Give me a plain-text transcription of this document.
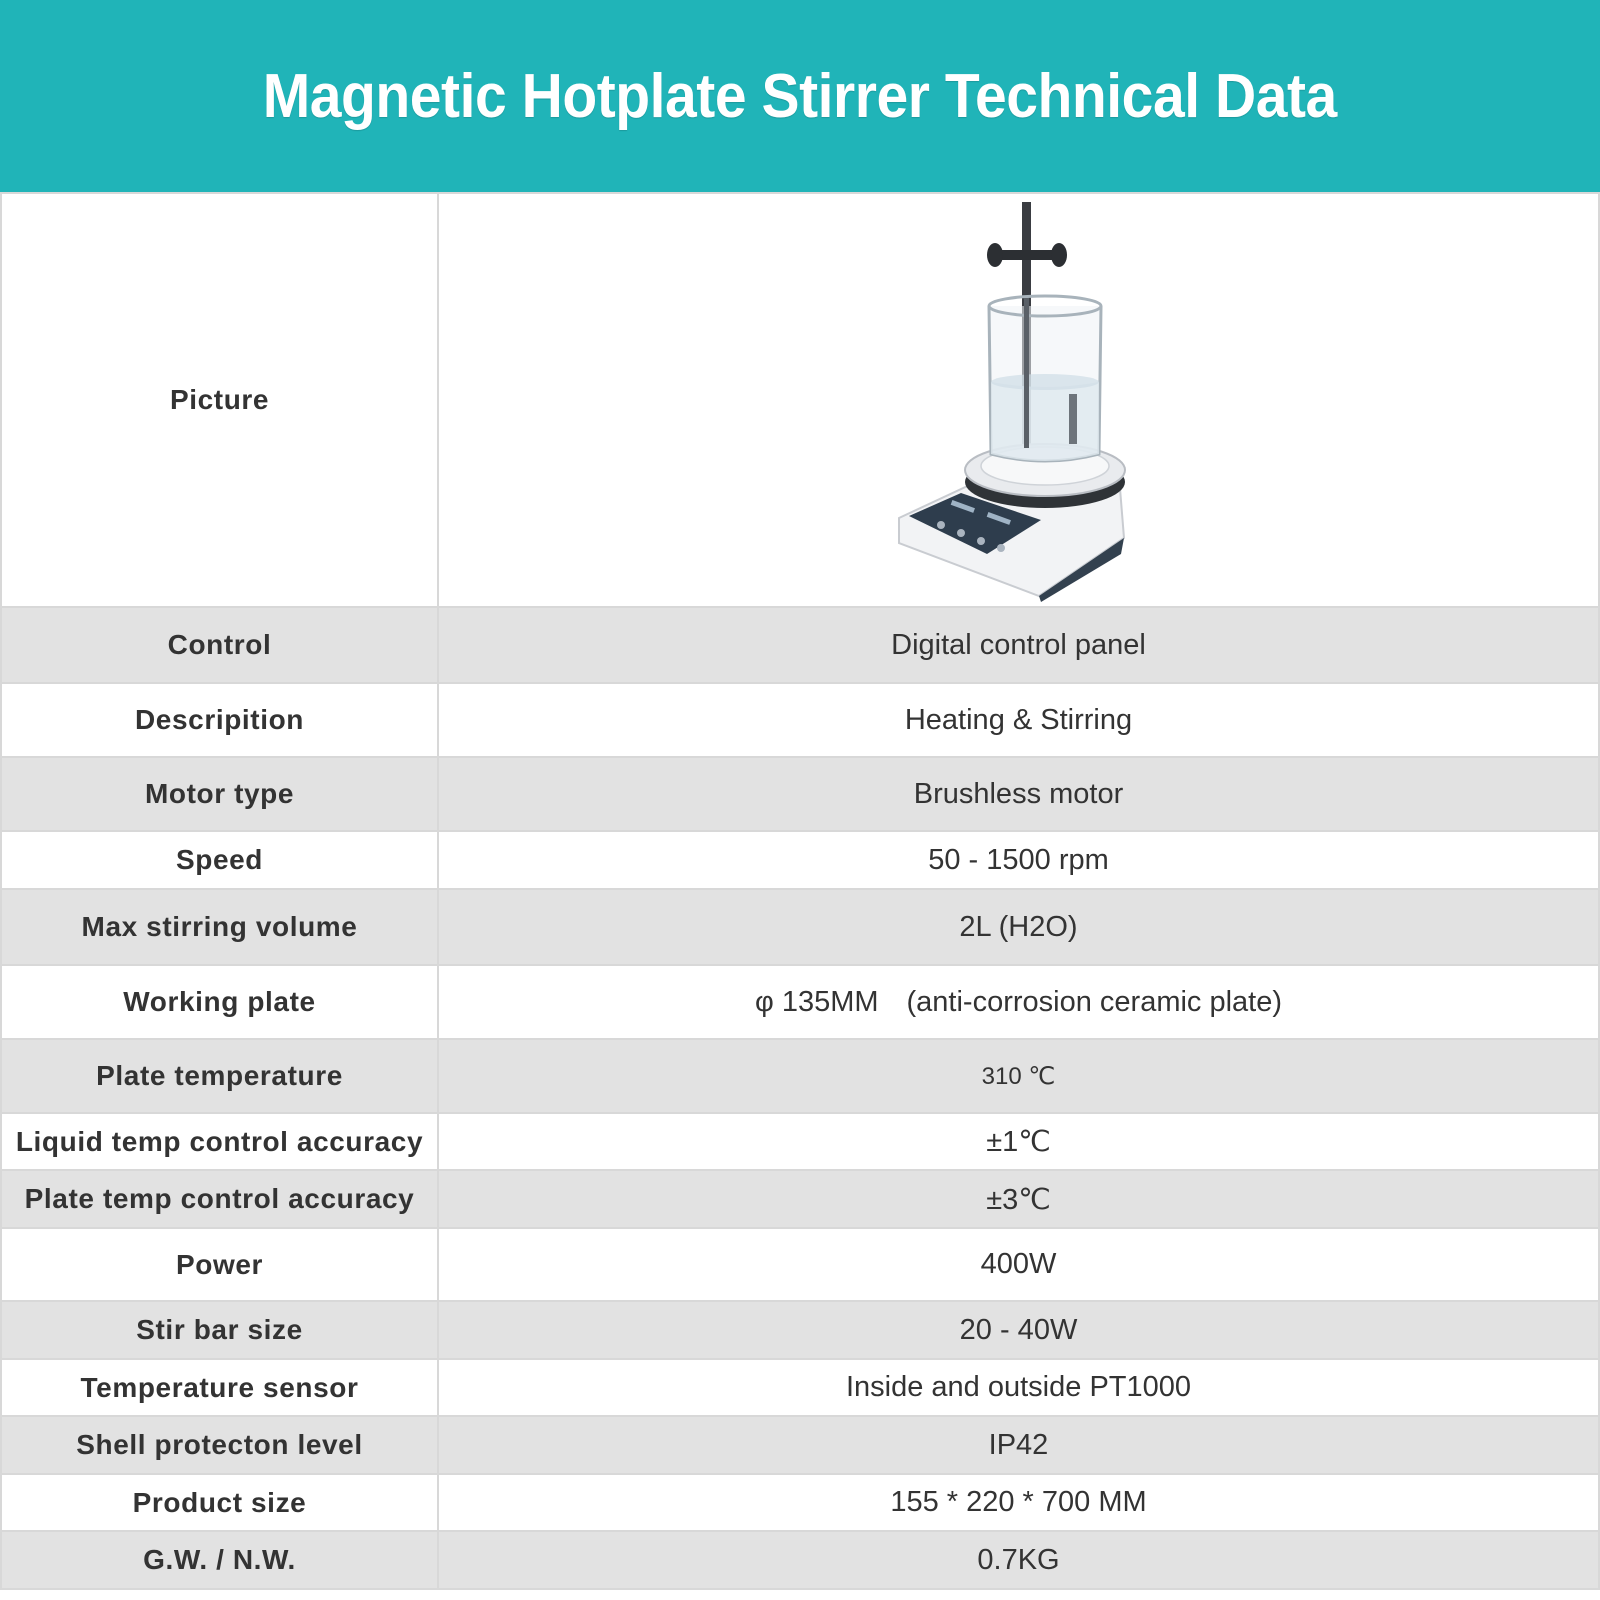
Magnetic Hotplate Stirrer Technical Data
Picture	

Control	Digital control panel
Descripition	Heating & Stirring
Motor type	Brushless motor
Speed	50 - 1500 rpm
Max stirring volume	2L (H2O)
Working plate	φ 135MM (anti-corrosion ceramic plate)
Plate temperature	310 ℃
Liquid temp control accuracy	±1℃
Plate temp control accuracy	±3℃
Power	400W
Stir bar size	20 - 40W
Temperature sensor	Inside and outside PT1000
Shell protecton level	IP42
Product size	155 * 220 * 700 MM
G.W. / N.W.	0.7KG
